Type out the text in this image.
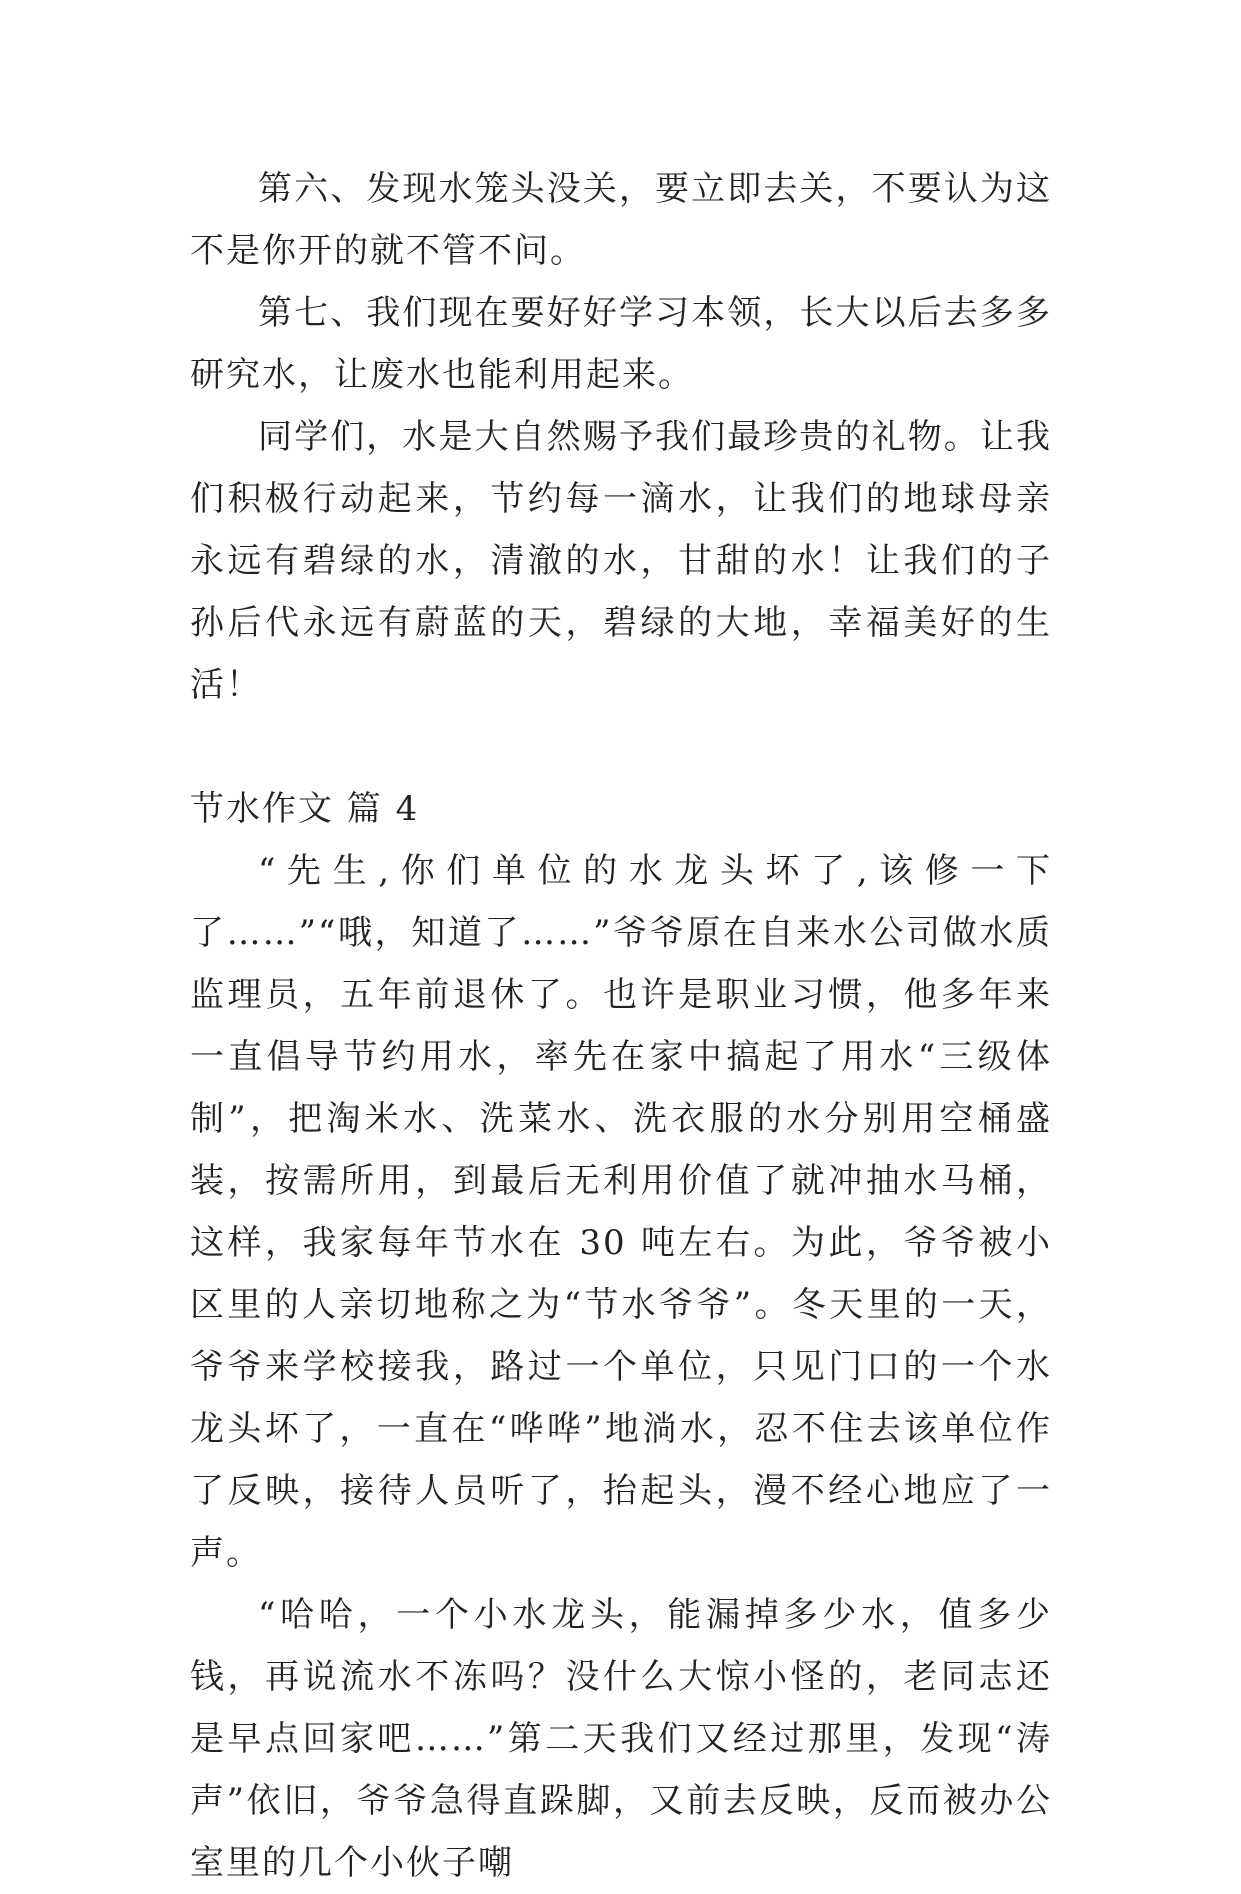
第六、发现水笼头没关，要立即去关，不要认为这不是你开的就不管不问。

第七、我们现在要好好学习本领，长大以后去多多研究水，让废水也能利用起来。

同学们，水是大自然赐予我们最珍贵的礼物。让我们积极行动起来，节约每一滴水，让我们的地球母亲永远有碧绿的水，清澈的水，甘甜的水！让我们的子孙后代永远有蔚蓝的天，碧绿的大地，幸福美好的生活！

节水作文 篇 4

“先生,你们单位的水龙头坏了,该修一下了……”“哦，知道了……”爷爷原在自来水公司做水质监理员，五年前退休了。也许是职业习惯，他多年来一直倡导节约用水，率先在家中搞起了用水“三级体制”，把淘米水、洗菜水、洗衣服的水分别用空桶盛装，按需所用，到最后无利用价值了就冲抽水马桶，这样，我家每年节水在 30 吨左右。为此，爷爷被小区里的人亲切地称之为“节水爷爷”。冬天里的一天，爷爷来学校接我，路过一个单位，只见门口的一个水龙头坏了，一直在“哗哗”地淌水，忍不住去该单位作了反映，接待人员听了，抬起头，漫不经心地应了一声。

“哈哈，一个小水龙头，能漏掉多少水，值多少钱，再说流水不冻吗？没什么大惊小怪的，老同志还是早点回家吧……”第二天我们又经过那里，发现“涛声”依旧，爷爷急得直跺脚，又前去反映，反而被办公室里的几个小伙子嘲
